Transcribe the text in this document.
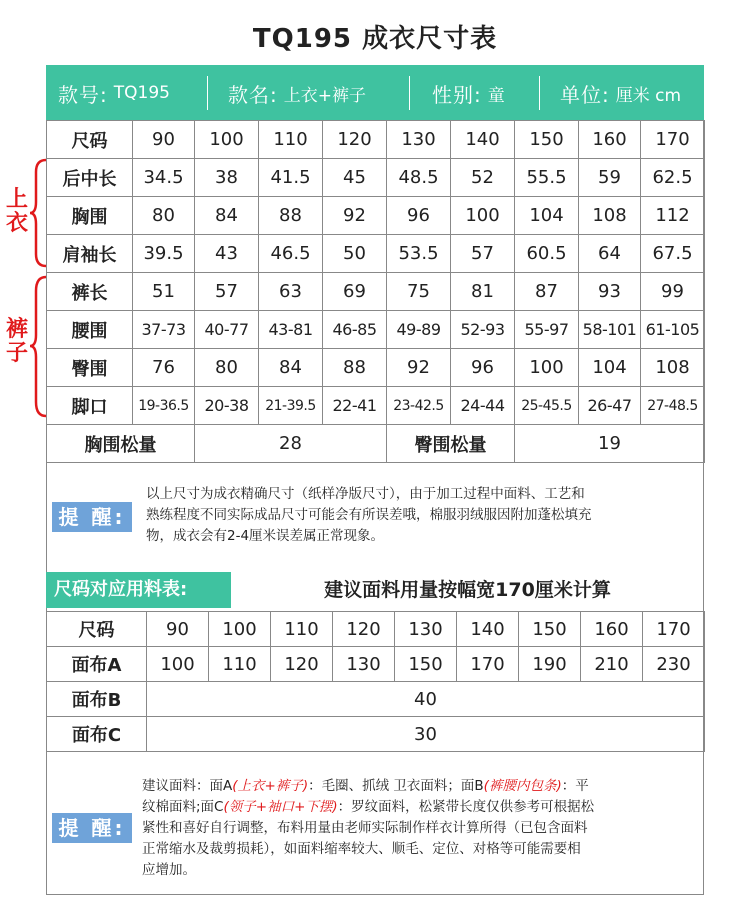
TQ195 成衣尺寸表
款号: TQ195	款名: 上衣+裤子	性别: 童	单位: 厘米 cm
上衣
裤子
尺码	90	100	110	120	130	140	150	160	170
后中长	34.5	38	41.5	45	48.5	52	55.5	59	62.5
胸围	80	84	88	92	96	100	104	108	112
肩袖长	39.5	43	46.5	50	53.5	57	60.5	64	67.5
裤长	51	57	63	69	75	81	87	93	99
腰围	37-73	40-77	43-81	46-85	49-89	52-93	55-97	58-101	61-105
臀围	76	80	84	88	92	96	100	104	108
脚口	19-36.5	20-38	21-39.5	22-41	23-42.5	24-44	25-45.5	26-47	27-48.5
胸围松量		28			臀围松量		19		
提 醒:
以上尺寸为成衣精确尺寸（纸样净版尺寸），由于加工过程中面料、工艺和
熟练程度不同实际成品尺寸可能会有所误差哦，棉服羽绒服因附加蓬松填充
物，成衣会有2-4厘米误差属正常现象。
尺码对应用料表:	建议面料用量按幅宽170厘米计算
尺码	90	100	110	120	130	140	150	160	170
面布A	100	110	120	130	150	170	190	210	230
面布B	40								
面布C	30								
提 醒:
建议面料：面A(上衣+裤子)：毛圈、抓绒 卫衣面料；面B(裤腰内包条)：平
纹棉面料;面C(领子+袖口+下摆)：罗纹面料，松紧带长度仅供参考可根据松
紧性和喜好自行调整，布料用量由老师实际制作样衣计算所得（已包含面料
正常缩水及裁剪损耗），如面料缩率较大、顺毛、定位、对格等可能需要相
应增加。
